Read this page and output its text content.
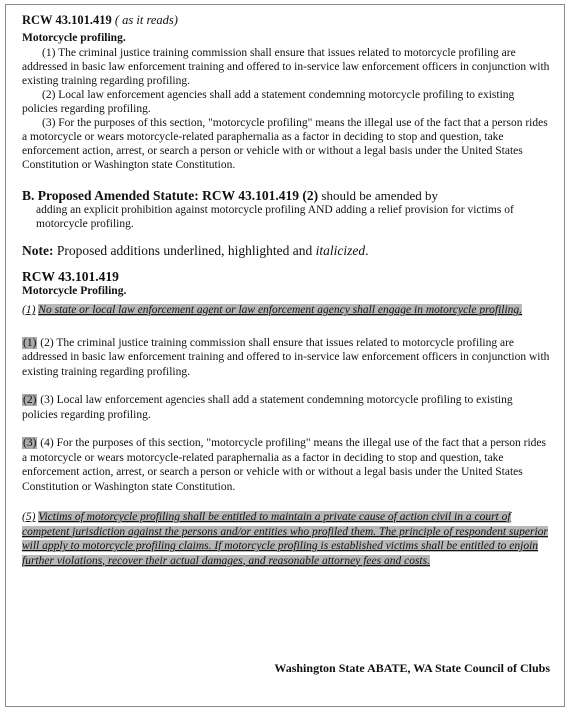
RCW 43.101.419 ( as it reads)

Motorcycle profiling.

(1) The criminal justice training commission shall ensure that issues related to motorcycle profiling are addressed in basic law enforcement training and offered to in-service law enforcement officers in conjunction with existing training regarding profiling.

(2) Local law enforcement agencies shall add a statement condemning motorcycle profiling to existing policies regarding profiling.

(3) For the purposes of this section, "motorcycle profiling" means the illegal use of the fact that a person rides a motorcycle or wears motorcycle-related paraphernalia as a factor in deciding to stop and question, take enforcement action, arrest, or search a person or vehicle with or without a legal basis under the United States Constitution or Washington state Constitution.

B. Proposed Amended Statute: RCW 43.101.419 (2) should be amended by

adding an explicit prohibition against motorcycle profiling AND adding a relief provision for victims of motorcycle profiling.

Note: Proposed additions underlined, highlighted and italicized.

RCW 43.101.419

Motorcycle Profiling.

(1) No state or local law enforcement agent or law enforcement agency shall engage in motorcycle profiling.

(1) (2) The criminal justice training commission shall ensure that issues related to motorcycle profiling are addressed in basic law enforcement training and offered to in-service law enforcement officers in conjunction with existing training regarding profiling.

(2) (3) Local law enforcement agencies shall add a statement condemning motorcycle profiling to existing policies regarding profiling.

(3) (4) For the purposes of this section, "motorcycle profiling" means the illegal use of the fact that a person rides a motorcycle or wears motorcycle-related paraphernalia as a factor in deciding to stop and question, take enforcement action, arrest, or search a person or vehicle with or without a legal basis under the United States Constitution or Washington state Constitution.

(5) Victims of motorcycle profiling shall be entitled to maintain a private cause of action civil in a court of competent jurisdiction against the persons and/or entities who profiled them. The principle of respondent superior will apply to motorcycle profiling claims. If motorcycle profiling is established victims shall be entitled to enjoin further violations, recover their actual damages, and reasonable attorney fees and costs.

Washington State ABATE, WA State Council of Clubs
